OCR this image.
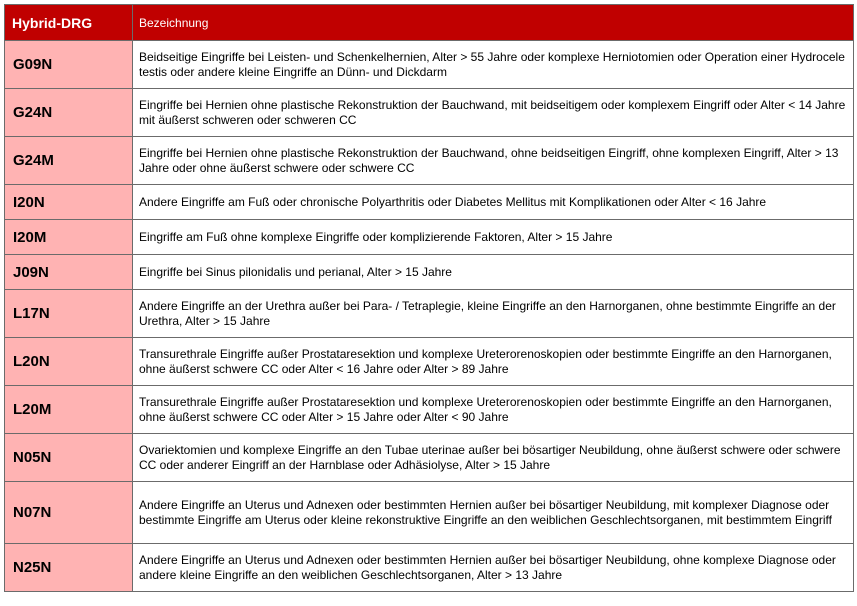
Hybrid-DRG	Bezeichnung
G09N	Beidseitige Eingriffe bei Leisten- und Schenkelhernien, Alter > 55 Jahre oder komplexe Herniotomien oder Operation einer Hydrocele testis oder andere kleine Eingriffe an Dünn- und Dickdarm
G24N	Eingriffe bei Hernien ohne plastische Rekonstruktion der Bauchwand, mit beidseitigem oder komplexem Eingriff oder Alter < 14 Jahre mit äußerst schweren oder schweren CC
G24M	Eingriffe bei Hernien ohne plastische Rekonstruktion der Bauchwand, ohne beidseitigen Eingriff, ohne komplexen Eingriff, Alter > 13 Jahre oder ohne äußerst schwere oder schwere CC
I20N	Andere Eingriffe am Fuß oder chronische Polyarthritis oder Diabetes Mellitus mit Komplikationen oder Alter < 16 Jahre
I20M	Eingriffe am Fuß ohne komplexe Eingriffe oder komplizierende Faktoren, Alter > 15 Jahre
J09N	Eingriffe bei Sinus pilonidalis und perianal, Alter > 15 Jahre
L17N	Andere Eingriffe an der Urethra außer bei Para- / Tetraplegie, kleine Eingriffe an den Harnorganen, ohne bestimmte Eingriffe an der Urethra, Alter > 15 Jahre
L20N	Transurethrale Eingriffe außer Prostataresektion und komplexe Ureterorenoskopien oder bestimmte Eingriffe an den Harnorganen, ohne äußerst schwere CC oder Alter < 16 Jahre oder Alter > 89 Jahre
L20M	Transurethrale Eingriffe außer Prostataresektion und komplexe Ureterorenoskopien oder bestimmte Eingriffe an den Harnorganen, ohne äußerst schwere CC oder Alter > 15 Jahre oder Alter < 90 Jahre
N05N	Ovariektomien und komplexe Eingriffe an den Tubae uterinae außer bei bösartiger Neubildung, ohne äußerst schwere oder schwere CC oder anderer Eingriff an der Harnblase oder Adhäsiolyse, Alter > 15 Jahre
N07N	Andere Eingriffe an Uterus und Adnexen oder bestimmten Hernien außer bei bösartiger Neubildung, mit komplexer Diagnose oder bestimmte Eingriffe am Uterus oder kleine rekonstruktive Eingriffe an den weiblichen Geschlechtsorganen, mit bestimmtem Eingriff
N25N	Andere Eingriffe an Uterus und Adnexen oder bestimmten Hernien außer bei bösartiger Neubildung, ohne komplexe Diagnose oder andere kleine Eingriffe an den weiblichen Geschlechtsorganen, Alter > 13 Jahre
